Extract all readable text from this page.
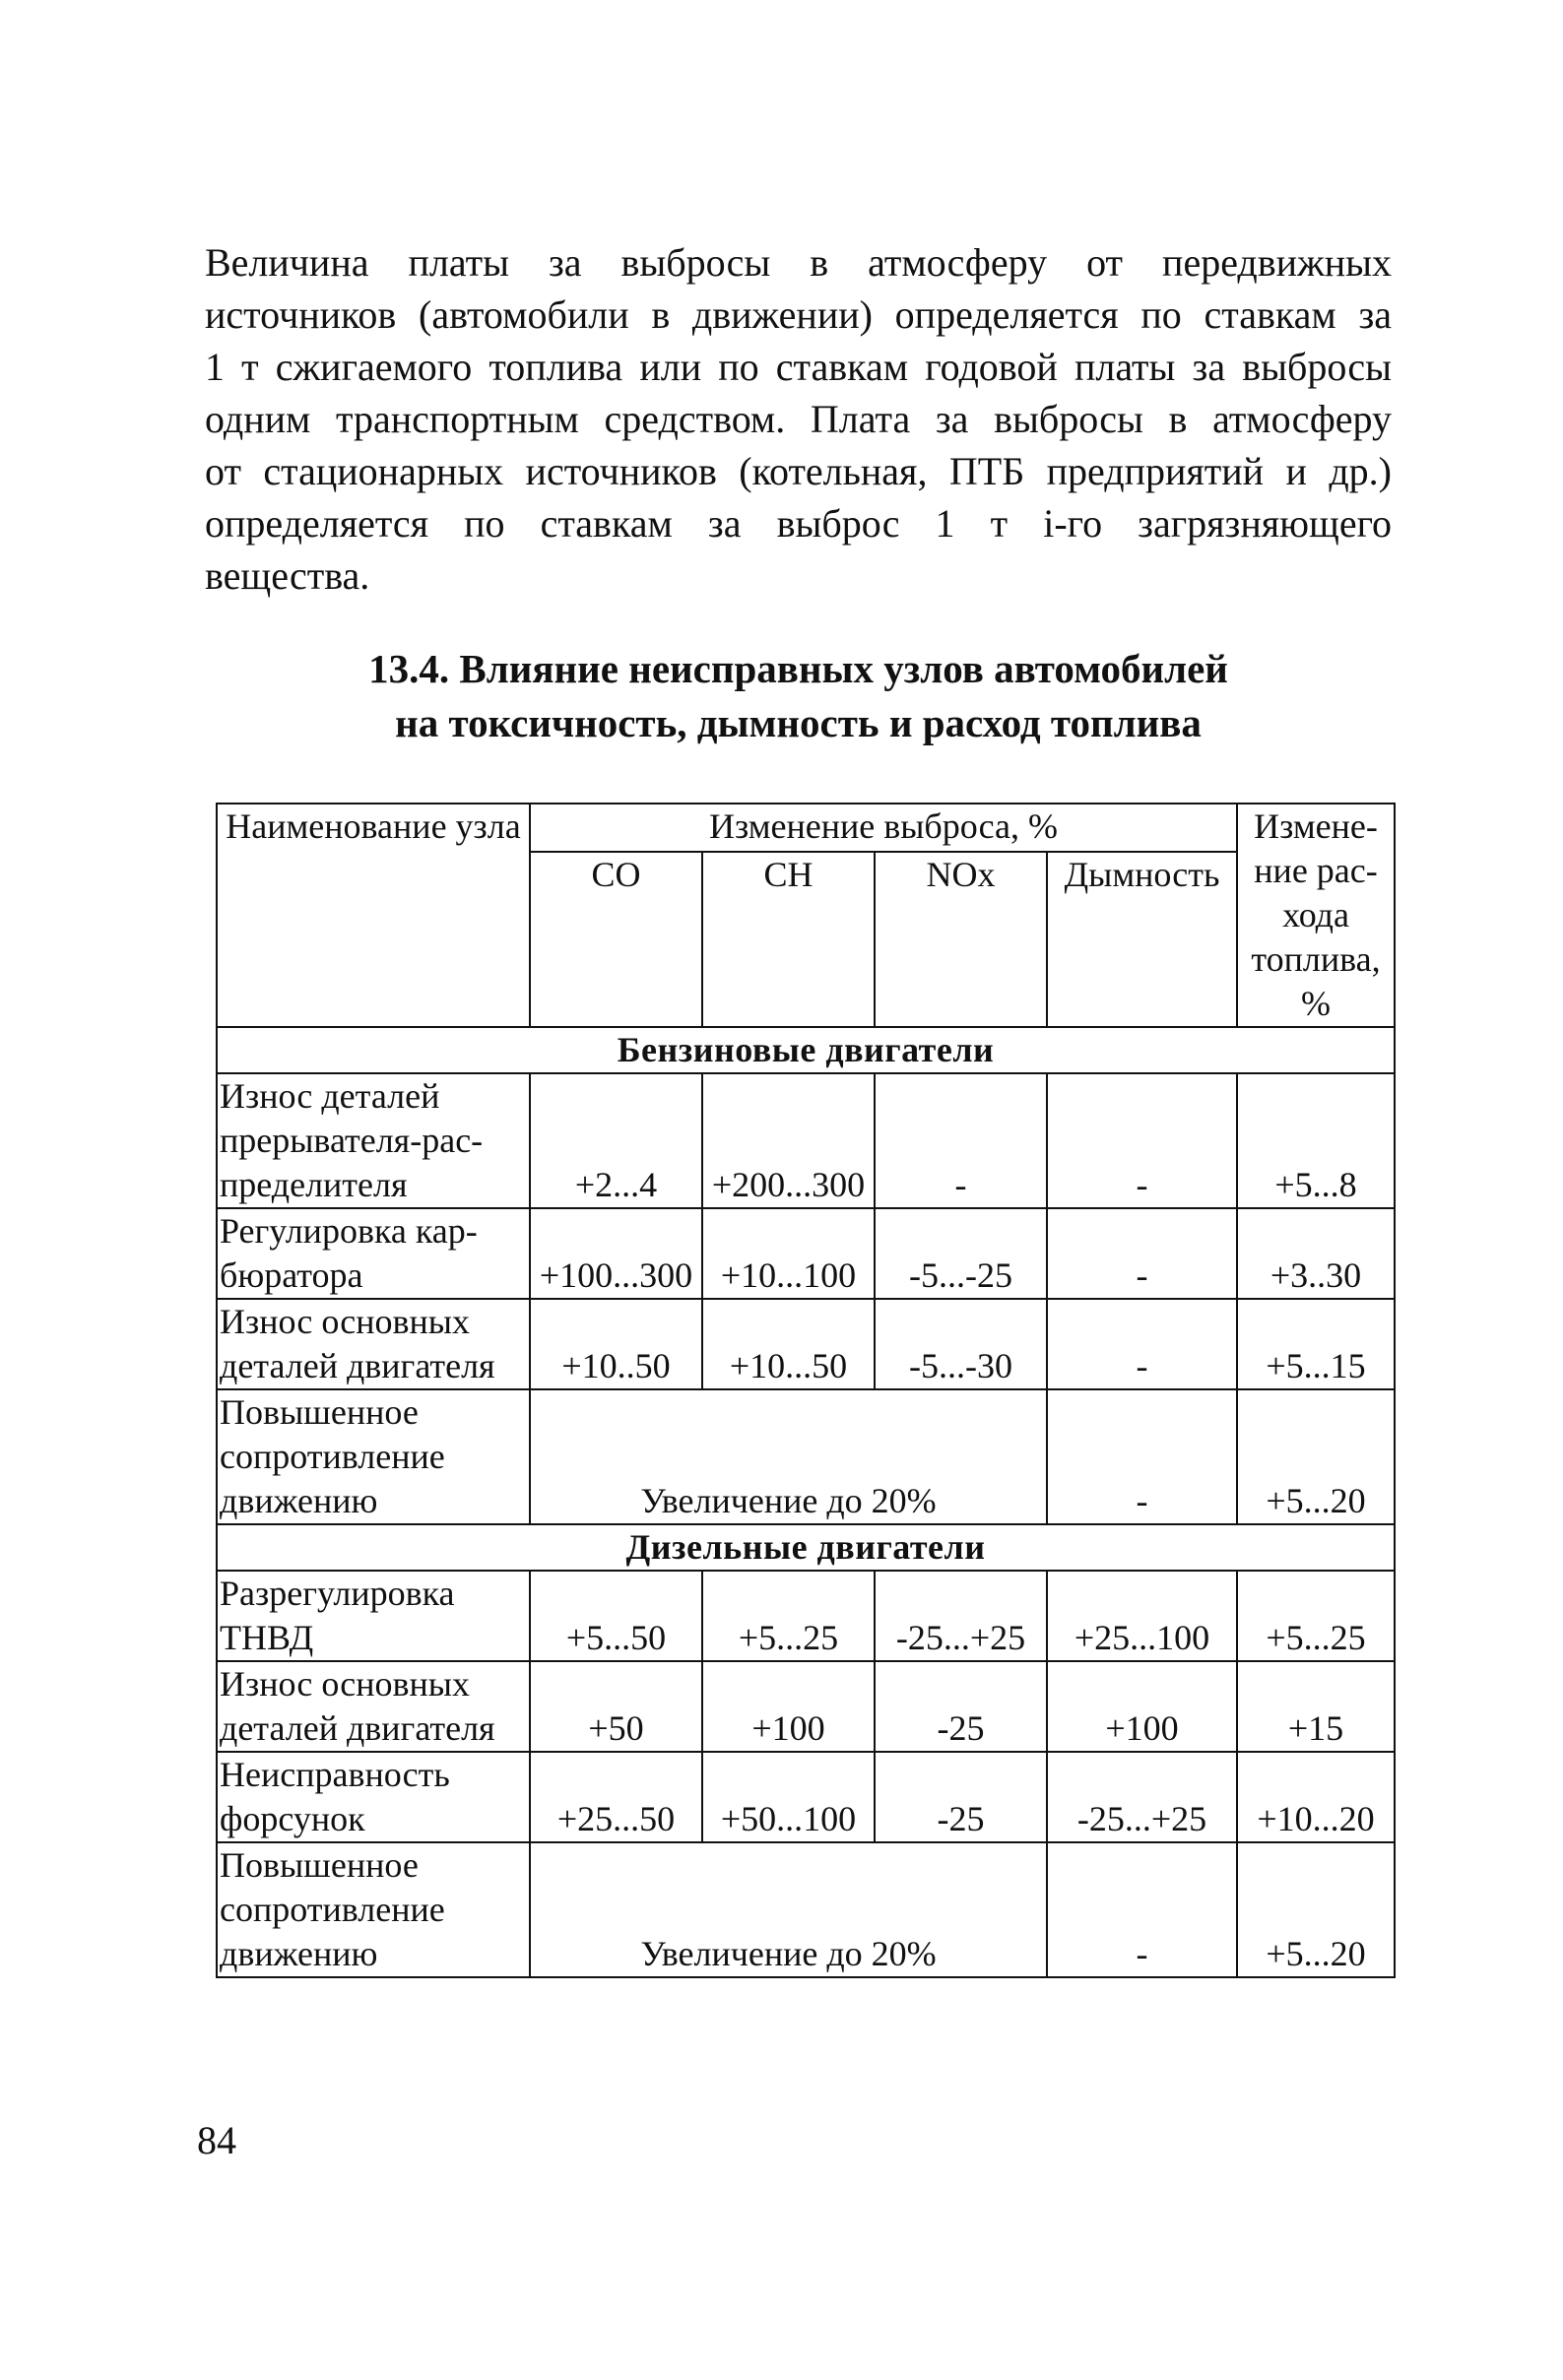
Величина платы за выбросы в атмосферу от передвижных
источников (автомобили в движении) определяется по ставкам за
1 т сжигаемого топлива или по ставкам годовой платы за выбросы
одним транспортным средством. Плата за выбросы в атмосферу
от стационарных источников (котельная, ПТБ предприятий и др.)
определяется по ставкам за выброс 1 т і-го загрязняющего
вещества.
13.4. Влияние неисправных узлов автомобилей
на токсичность, дымность и расход топлива
Наименование узла	Изменение выброса, %				Измене-ние рас-хода топлива, %
	СО	СН	NOx	Дымность	
Бензиновые двигатели					
Износ деталей прерывателя-рас-пределителя	+2...4	+200...300	-	-	+5...8
Регулировка кар-бюратора	+100...300	+10...100	-5...-25	-	+3..30
Износ основных деталей двигателя	+10..50	+10...50	-5...-30	-	+5...15
Повышенное сопротивление движению	Увеличение до 20%			-	+5...20
Дизельные двигатели					
Разрегулировка ТНВД	+5...50	+5...25	-25...+25	+25...100	+5...25
Износ основных деталей двигателя	+50	+100	-25	+100	+15
Неисправность форсунок	+25...50	+50...100	-25	-25...+25	+10...20
Повышенное сопротивление движению	Увеличение до 20%			-	+5...20
84
